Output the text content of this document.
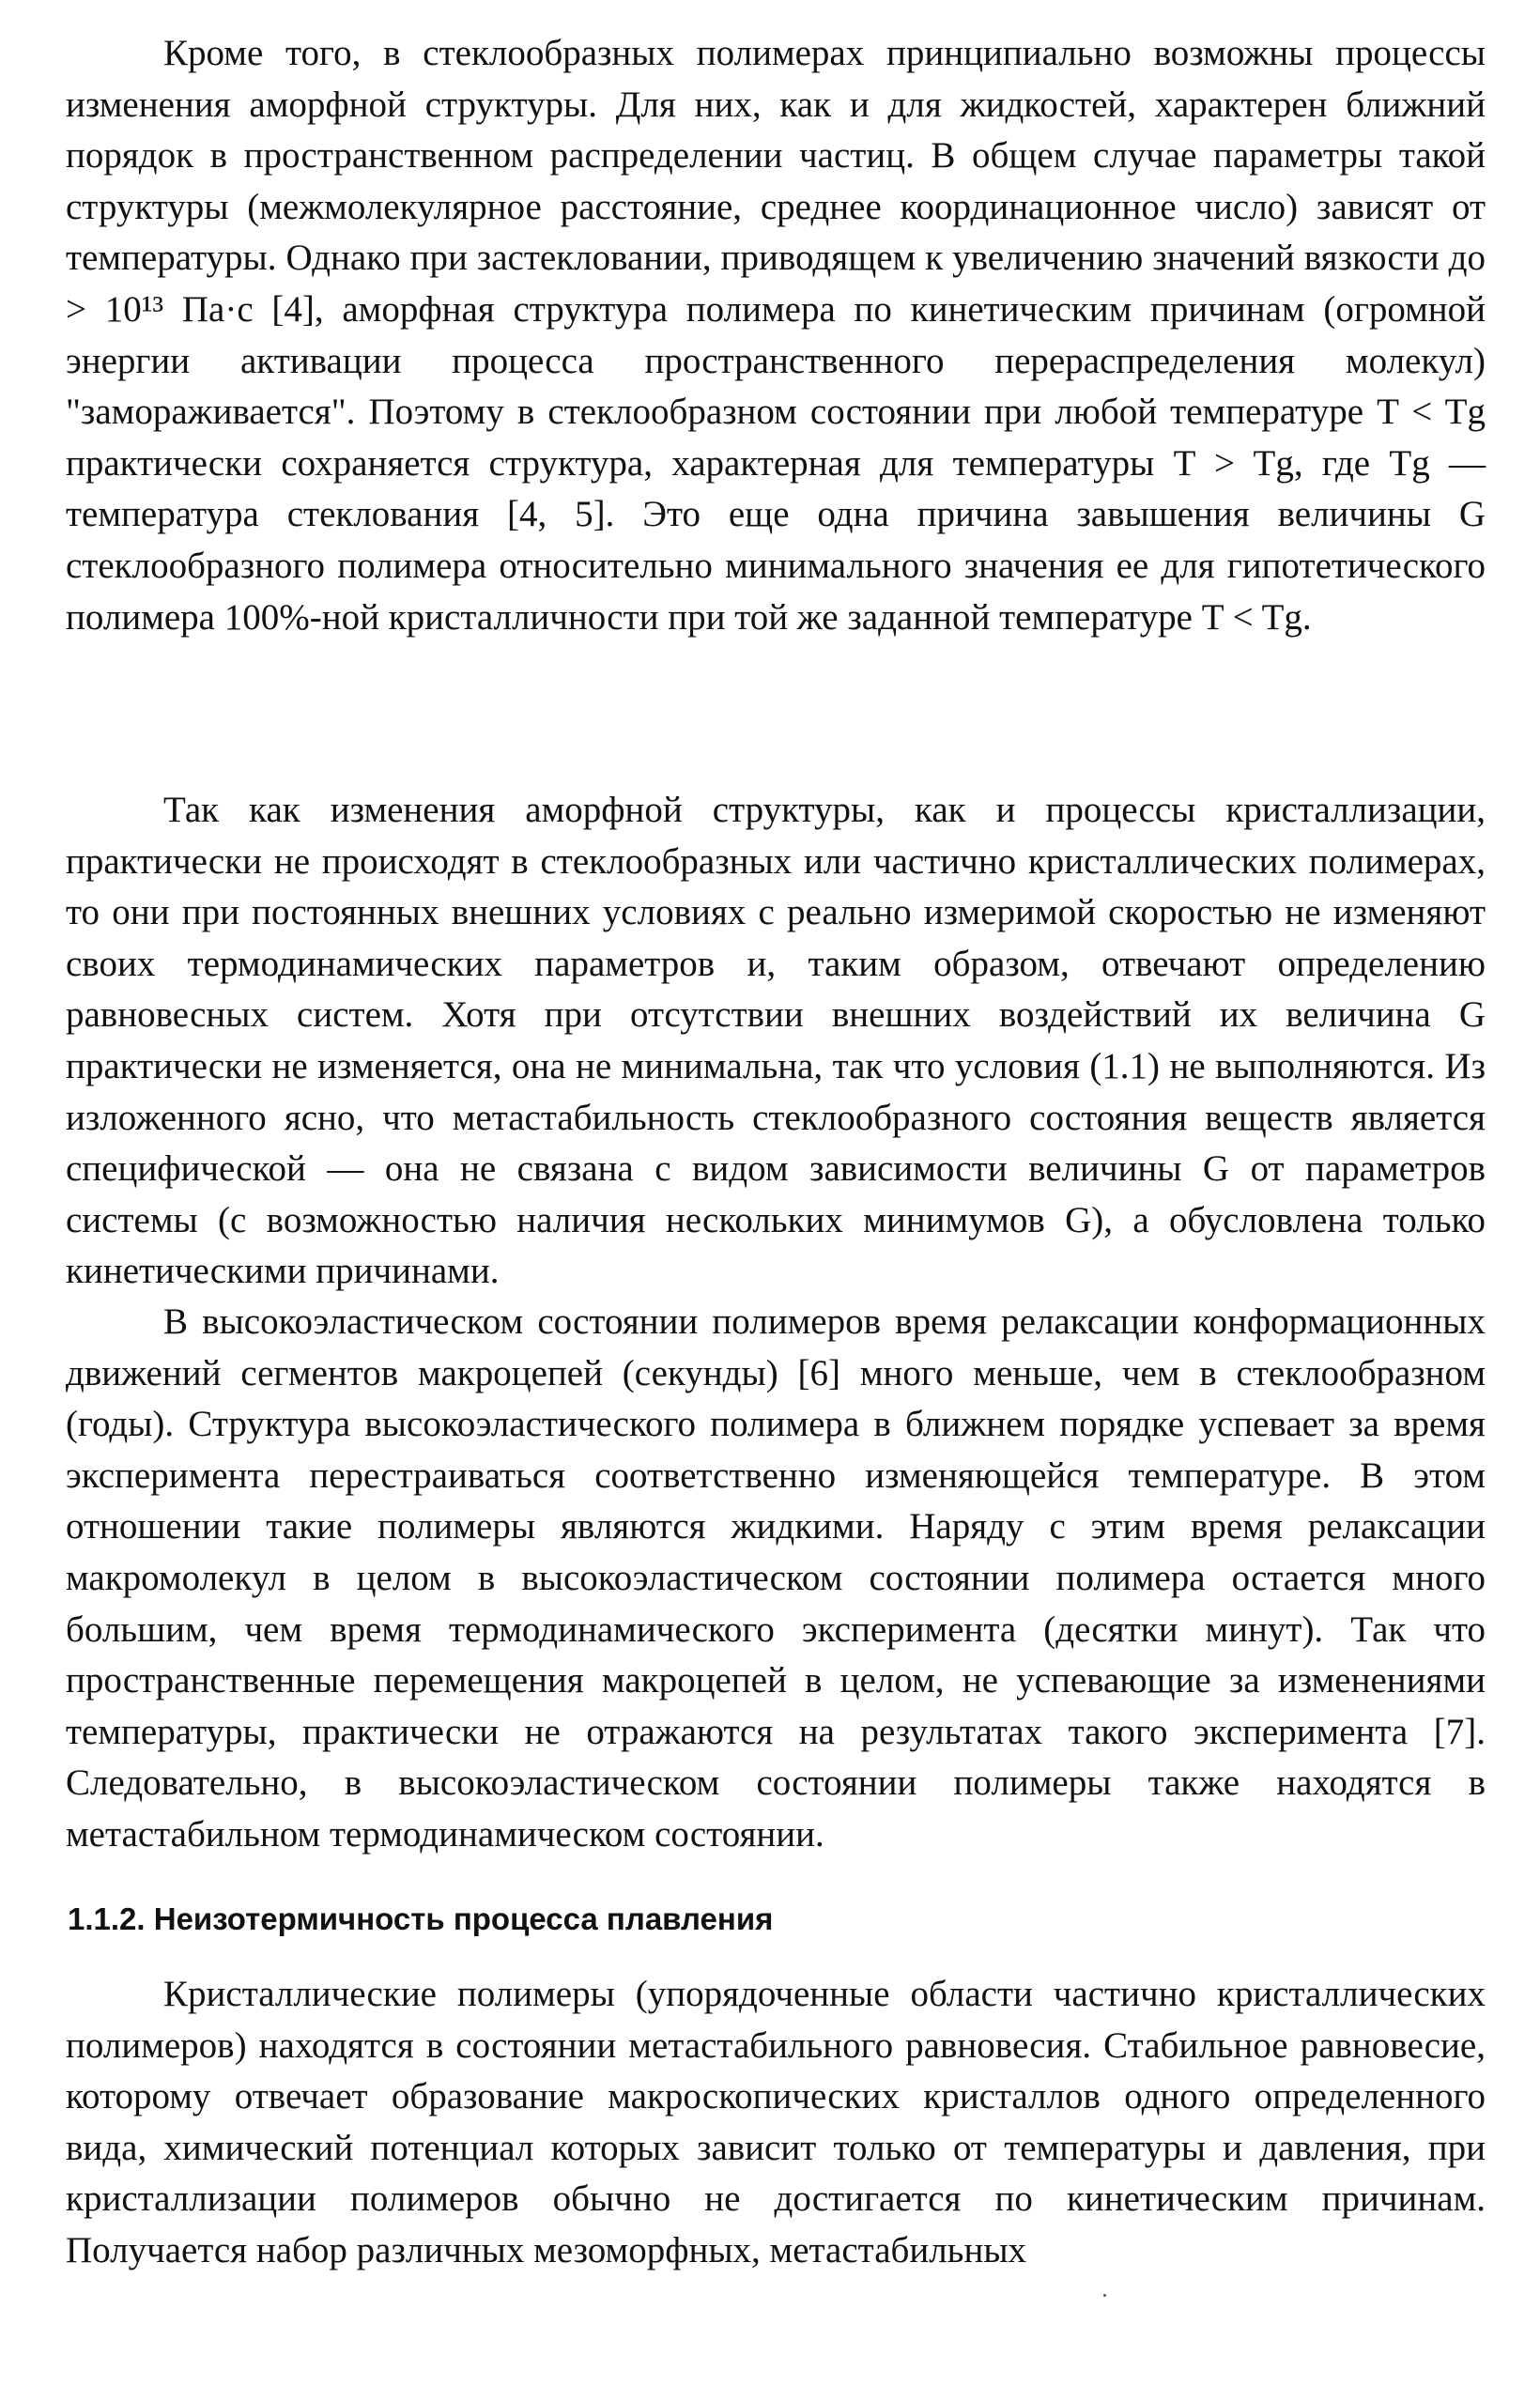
Кроме того, в стеклообразных полимерах принципиально возможны процессы изменения аморфной структуры. Для них, как и для жидкостей, характерен ближний порядок в пространственном распределении частиц. В общем случае параметры такой структуры (межмолекулярное расстояние, среднее координационное число) зависят от температуры. Однако при застекловании, приводящем к увеличению значений вязкости до > 10¹³ Па·с [4], аморфная структура полимера по кинетическим причинам (огромной энергии активации процесса пространственного перераспределения молекул) "замораживается". Поэтому в стеклообразном состоянии при любой температуре T < Tg практически сохраняется структура, характерная для температуры T > Tg, где Tg — температура стеклования [4, 5]. Это еще одна причина завышения величины G стеклообразного полимера относительно минимального значения ее для гипотетического полимера 100%-ной кристалличности при той же заданной температуре T < Tg.

Так как изменения аморфной структуры, как и процессы кристаллизации, практически не происходят в стеклообразных или частично кристаллических полимерах, то они при постоянных внешних условиях с реально измеримой скоростью не изменяют своих термодинамических параметров и, таким образом, отвечают определению равновесных систем. Хотя при отсутствии внешних воздействий их величина G практически не изменяется, она не минимальна, так что условия (1.1) не выполняются. Из изложенного ясно, что метастабильность стеклообразного состояния веществ является специфической — она не связана с видом зависимости величины G от параметров системы (с возможностью наличия нескольких минимумов G), а обусловлена только кинетическими причинами.

В высокоэластическом состоянии полимеров время релаксации конформационных движений сегментов макроцепей (секунды) [6] много меньше, чем в стеклообразном (годы). Структура высокоэластического полимера в ближнем порядке успевает за время эксперимента перестраиваться соответственно изменяющейся температуре. В этом отношении такие полимеры являются жидкими. Наряду с этим время релаксации макромолекул в целом в высокоэластическом состоянии полимера остается много большим, чем время термодинамического эксперимента (десятки минут). Так что пространственные перемещения макроцепей в целом, не успевающие за изменениями температуры, практически не отражаются на результатах такого эксперимента [7]. Следовательно, в высокоэластическом состоянии полимеры также находятся в метастабильном термодинамическом состоянии.

1.1.2. Неизотермичность процесса плавления

Кристаллические полимеры (упорядоченные области частично кристаллических полимеров) находятся в состоянии метастабильного равновесия. Стабильное равновесие, которому отвечает образование макроскопических кристаллов одного определенного вида, химический потенциал которых зависит только от температуры и давления, при кристаллизации полимеров обычно не достигается по кинетическим причинам. Получается набор различных мезоморфных, метастабильных
